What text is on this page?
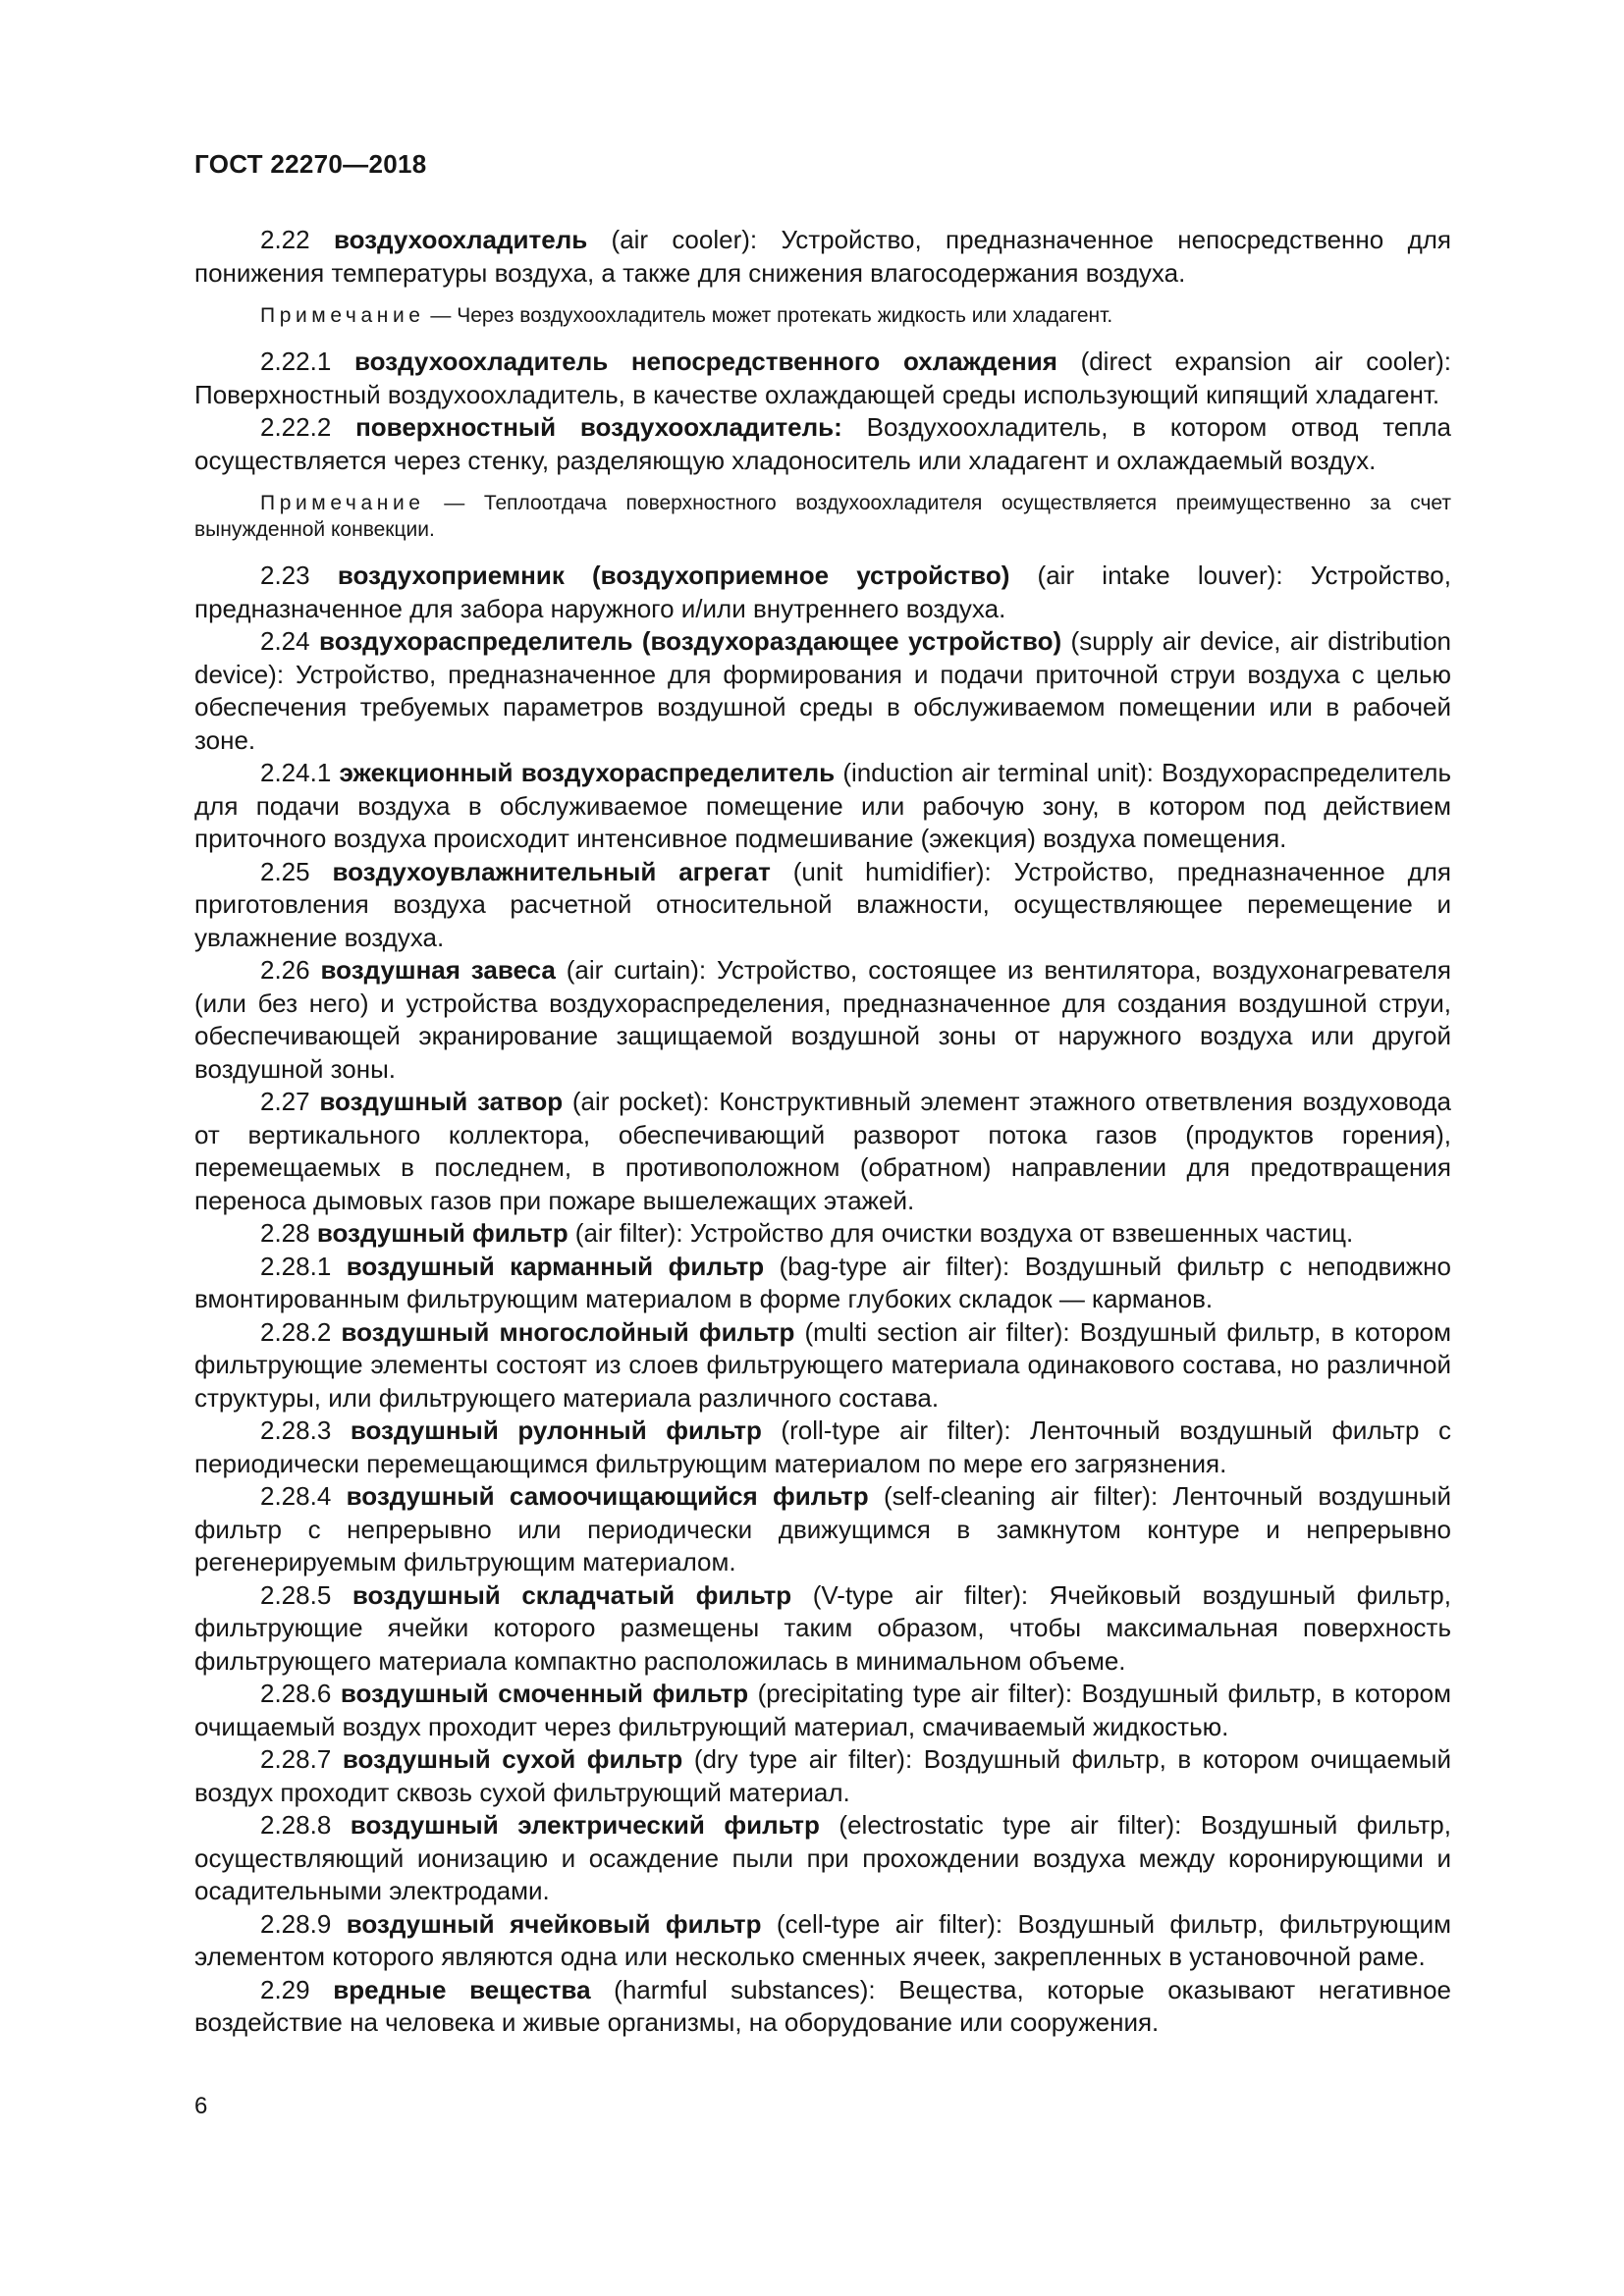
ГОСТ 22270—2018

2.22 воздухоохладитель (air cooler): Устройство, предназначенное непосредственно для понижения температуры воздуха, а также для снижения влагосодержания воздуха.

Примечание — Через воздухоохладитель может протекать жидкость или хладагент.

2.22.1 воздухоохладитель непосредственного охлаждения (direct expansion air cooler): Поверхностный воздухоохладитель, в качестве охлаждающей среды использующий кипящий хладагент.

2.22.2 поверхностный воздухоохладитель: Воздухоохладитель, в котором отвод тепла осуществляется через стенку, разделяющую хладоноситель или хладагент и охлаждаемый воздух.

Примечание — Теплоотдача поверхностного воздухоохладителя осуществляется преимущественно за счет вынужденной конвекции.

2.23 воздухоприемник (воздухоприемное устройство) (air intake louver): Устройство, предназначенное для забора наружного и/или внутреннего воздуха.

2.24 воздухораспределитель (воздухораздающее устройство) (supply air device, air distribution device): Устройство, предназначенное для формирования и подачи приточной струи воздуха с целью обеспечения требуемых параметров воздушной среды в обслуживаемом помещении или в рабочей зоне.

2.24.1 эжекционный воздухораспределитель (induction air terminal unit): Воздухораспределитель для подачи воздуха в обслуживаемое помещение или рабочую зону, в котором под действием приточного воздуха происходит интенсивное подмешивание (эжекция) воздуха помещения.

2.25 воздухоувлажнительный агрегат (unit humidifier): Устройство, предназначенное для приготовления воздуха расчетной относительной влажности, осуществляющее перемещение и увлажнение воздуха.

2.26 воздушная завеса (air curtain): Устройство, состоящее из вентилятора, воздухонагревателя (или без него) и устройства воздухораспределения, предназначенное для создания воздушной струи, обеспечивающей экранирование защищаемой воздушной зоны от наружного воздуха или другой воздушной зоны.

2.27 воздушный затвор (air pocket): Конструктивный элемент этажного ответвления воздуховода от вертикального коллектора, обеспечивающий разворот потока газов (продуктов горения), перемещаемых в последнем, в противоположном (обратном) направлении для предотвращения переноса дымовых газов при пожаре вышележащих этажей.

2.28 воздушный фильтр (air filter): Устройство для очистки воздуха от взвешенных частиц.

2.28.1 воздушный карманный фильтр (bag-type air filter): Воздушный фильтр с неподвижно вмонтированным фильтрующим материалом в форме глубоких складок — карманов.

2.28.2 воздушный многослойный фильтр (multi section air filter): Воздушный фильтр, в котором фильтрующие элементы состоят из слоев фильтрующего материала одинакового состава, но различной структуры, или фильтрующего материала различного состава.

2.28.3 воздушный рулонный фильтр (roll-type air filter): Ленточный воздушный фильтр с периодически перемещающимся фильтрующим материалом по мере его загрязнения.

2.28.4 воздушный самоочищающийся фильтр (self-cleaning air filter): Ленточный воздушный фильтр с непрерывно или периодически движущимся в замкнутом контуре и непрерывно регенерируемым фильтрующим материалом.

2.28.5 воздушный складчатый фильтр (V-type air filter): Ячейковый воздушный фильтр, фильтрующие ячейки которого размещены таким образом, чтобы максимальная поверхность фильтрующего материала компактно расположилась в минимальном объеме.

2.28.6 воздушный смоченный фильтр (precipitating type air filter): Воздушный фильтр, в котором очищаемый воздух проходит через фильтрующий материал, смачиваемый жидкостью.

2.28.7 воздушный сухой фильтр (dry type air filter): Воздушный фильтр, в котором очищаемый воздух проходит сквозь сухой фильтрующий материал.

2.28.8 воздушный электрический фильтр (electrostatic type air filter): Воздушный фильтр, осуществляющий ионизацию и осаждение пыли при прохождении воздуха между коронирующими и осадительными электродами.

2.28.9 воздушный ячейковый фильтр (cell-type air filter): Воздушный фильтр, фильтрующим элементом которого являются одна или несколько сменных ячеек, закрепленных в установочной раме.

2.29 вредные вещества (harmful substances): Вещества, которые оказывают негативное воздействие на человека и живые организмы, на оборудование или сооружения.

6
